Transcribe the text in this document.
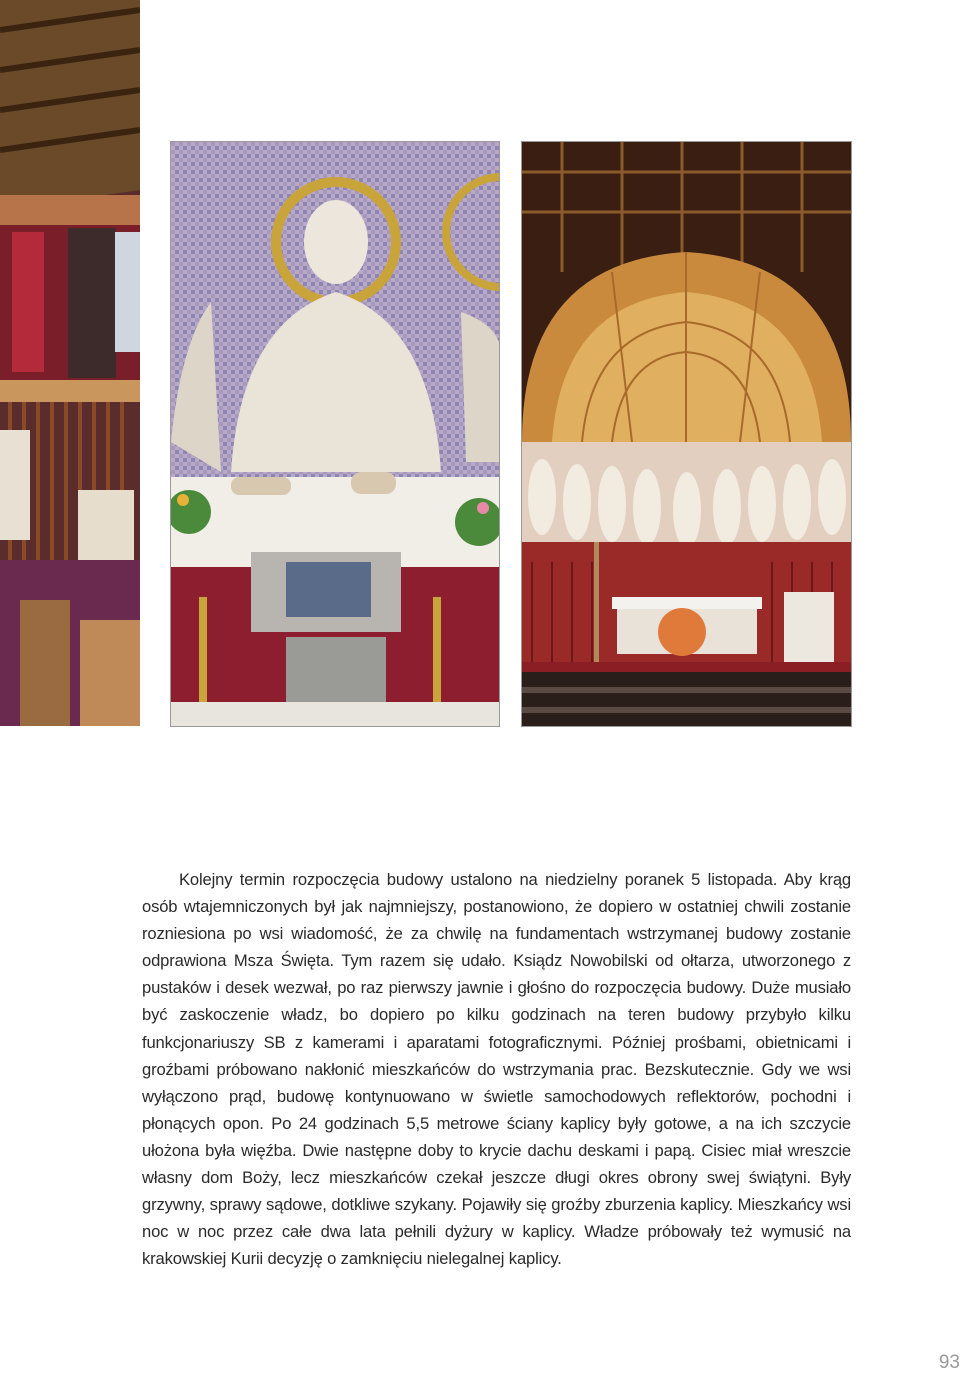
Kolejny termin rozpoczęcia budowy ustalono na niedzielny poranek 5 listopada. Aby krąg osób wtajemniczonych był jak najmniejszy, postanowiono, że dopiero w ostatniej chwili zostanie rozniesiona po wsi wiadomość, że za chwilę na fundamentach wstrzymanej budowy zostanie odprawiona Msza Święta. Tym razem się udało. Ksiądz Nowobilski od ołtarza, utworzonego z pustaków i desek wezwał, po raz pierwszy jawnie i głośno do rozpoczęcia budowy. Duże musiało być zaskoczenie władz, bo dopiero po kilku godzinach na teren budowy przybyło kilku funkcjonariuszy SB z kamerami i aparatami fotograficznymi. Później prośbami, obietnicami i groźbami próbowano nakłonić mieszkańców do wstrzymania prac. Bezskutecznie. Gdy we wsi wyłączono prąd, budowę kontynuowano w świetle samochodowych reflektorów, pochodni i płonących opon. Po 24 godzinach 5,5 metrowe ściany kaplicy były gotowe, a na ich szczycie ułożona była więźba. Dwie następne doby to krycie dachu deskami i papą. Cisiec miał wreszcie własny dom Boży, lecz mieszkańców czekał jeszcze długi okres obrony swej świątyni. Były grzywny, sprawy sądowe, dotkliwe szykany. Pojawiły się groźby zburzenia kaplicy. Mieszkańcy wsi noc w noc przez całe dwa lata pełnili dyżury w kaplicy. Władze próbowały też wymusić na krakowskiej Kurii decyzję o zamknięciu nielegalnej kaplicy.

93
